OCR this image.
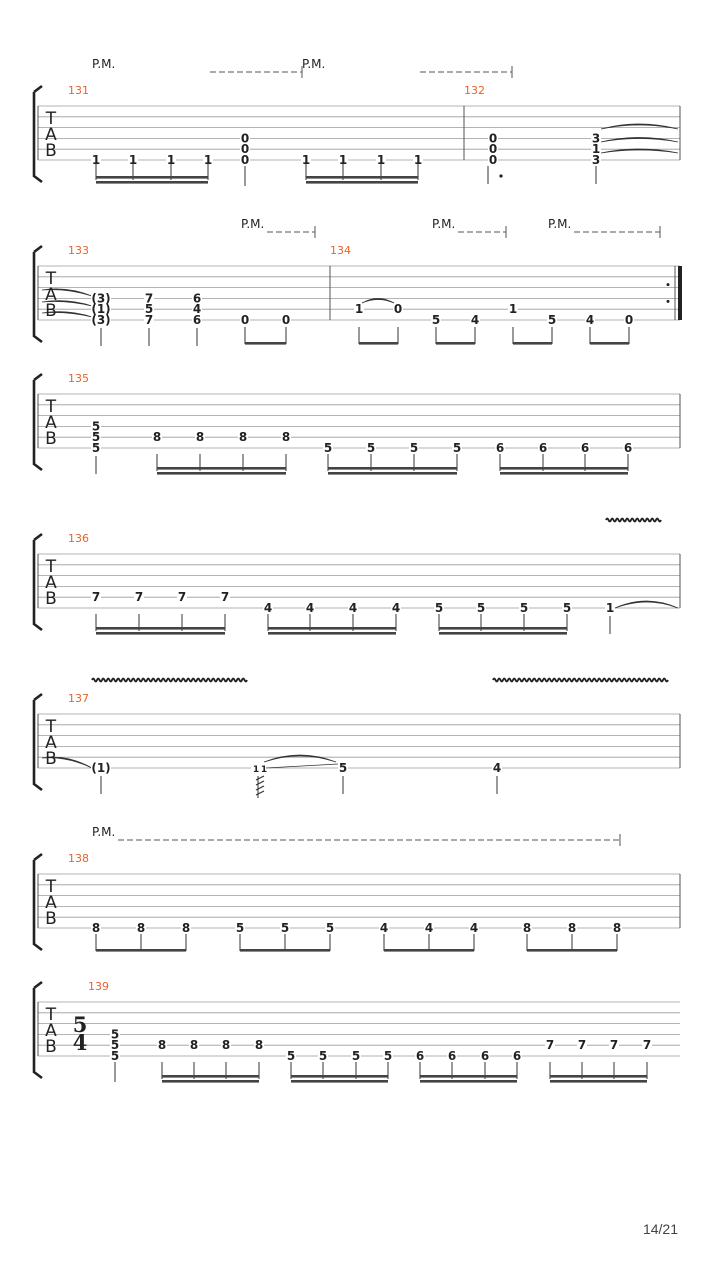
T
A
B
131	132
P.M.	P.M.
1 1 1 1
0
0
0	1 1 1 1
0
0
0
3
1
3
T
A
B
133	134
P.M.	P.M.	P.M.
(3)
(1)
(3)
7
5
7
6
4
6	0	0
1	0
5	4
1
5 4	0
T
A
B
135
5
5
5
8	8	8	8
5	5	5	5	6	6	6	6
T
A
B
136
7	7	7	7
4	4	4	4	5	5	5	5	1
T
A
B
137
(1)	1 1	5	4
T
A
B
138
P.M.
8	8	8	5	5	5	4	4	4	8	8	8
T
A
B
5
4
139
5
5
5
8 8 8 8
5 5 5 5 6 6 6 6
7 7 7 7
14/21
